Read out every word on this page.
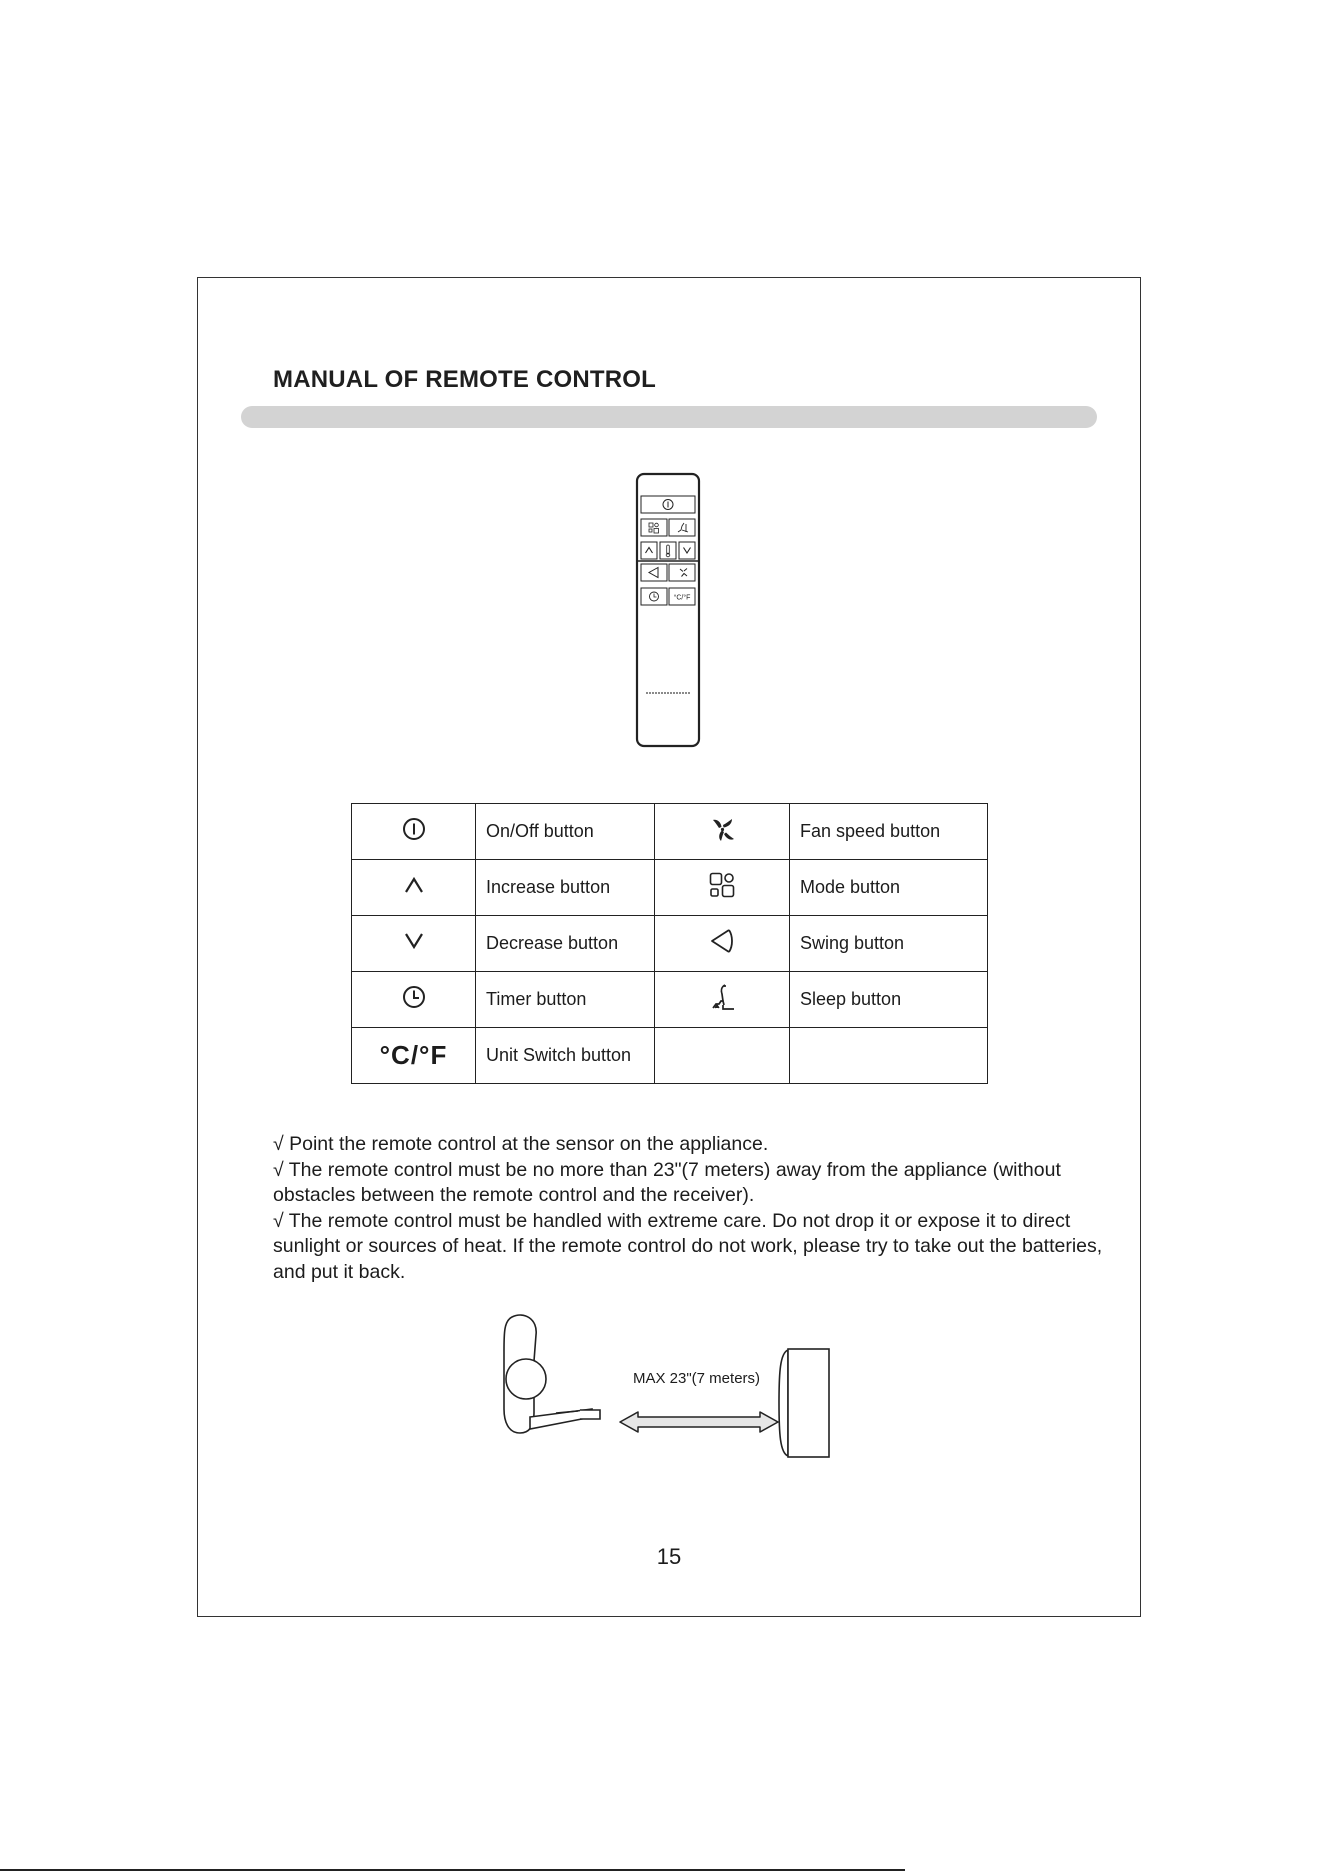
MANUAL OF REMOTE CONTROL
°C/°F
	On/Off button		Fan speed button
	Increase button		Mode button
	Decrease button		Swing button
	Timer button		Sleep button
°C/°F	Unit Switch button		

√ Point the remote control at the sensor on the appliance.

√ The remote control must be no more than 23"(7 meters) away from the appliance (without obstacles between the remote control and the receiver).

√ The remote control must be handled with extreme care. Do not drop it or expose it to direct sunlight or sources of heat. If the remote control do not work, please try to take out the batteries, and put it back.

MAX 23"(7 meters)
15
